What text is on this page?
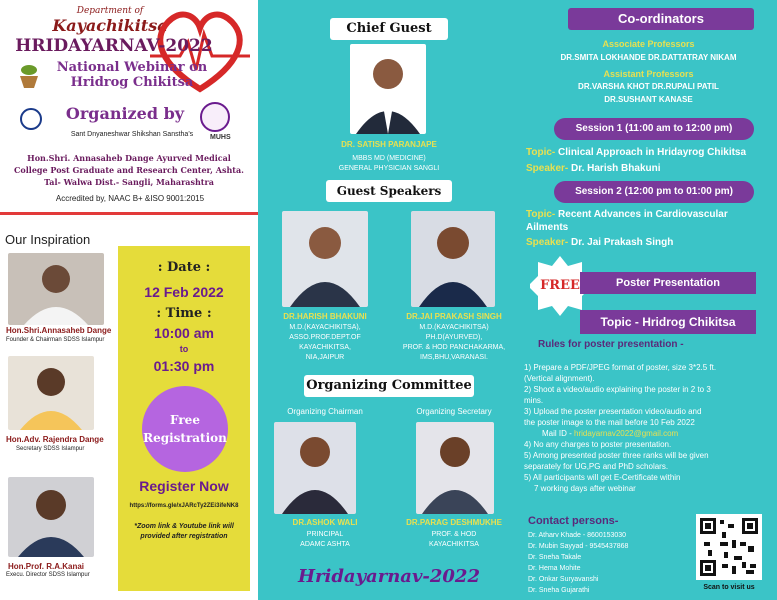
Department of
Kayachikitsa
HRIDAYARNAV-2022
National Webinar on
Hridrog Chikitsa
Organized by
Sant Dnyaneshwar Shikshan Sanstha's	MUHS
Hon.Shri. Annasaheb Dange Ayurved Medical
College Post Graduate and Research Center, Ashta.
Tal- Walwa Dist.- Sangli, Maharashtra
Accredited by, NAAC B+ &ISO 9001:2015
Our Inspiration
Hon.Shri.Annasaheb Dange
Founder & Chairman SDSS Islampur
Hon.Adv. Rajendra Dange
Secretary SDSS Islampur
Hon.Prof. R.A.Kanai
Execu. Director SDSS Islampur
: Date :
12 Feb 2022
: Time :
10:00 am
to
01:30 pm
Free
Registration
Register Now
https://forms.gle/xJARcTy2ZEi3ifeNK8
*Zoom link & Youtube link will provided after registration
Chief Guest
DR. SATISH PARANJAPE
MBBS MD (MEDICINE)
GENERAL PHYSICIAN SANGLI
Guest Speakers
DR.HARISH BHAKUNI
M.D.(KAYACHIKITSA),
ASSO.PROF.DEPT.OF
KAYACHIKITSA,
NIA,JAIPUR
DR.JAI PRAKASH SINGH
M.D.(KAYACHIKITSA)
PH.D(AYURVED),
PROF. & HOD PANCHAKARMA,
IMS,BHU,VARANASI.
Organizing Committee
Organizing Chairman	Organizing Secretary
DR.ASHOK WALI
PRINCIPAL
ADAMC ASHTA
DR.PARAG DESHMUKHE
PROF. & HOD
KAYACHIKITSA
Hridayarnav-2022
Co-ordinators
Associate Professors
DR.SMITA LOKHANDE DR.DATTATRAY NIKAM
Assistant Professors
DR.VARSHA KHOT DR.RUPALI PATIL
DR.SUSHANT KANASE
Session 1 (11:00 am to 12:00 pm)
Topic- Clinical Approach in Hridayrog Chikitsa
Speaker- Dr. Harish Bhakuni
Session 2 (12:00 pm to 01:00 pm)
Topic- Recent Advances in Cardiovascular Ailments
Speaker- Dr. Jai Prakash Singh
FREE	Poster Presentation
Topic - Hridrog Chikitsa
Rules for poster presentation -
1) Prepare a PDF/JPEG format of poster, size 3*2.5 ft.
(Vertical alignment).
2) Shoot a video/audio explaining the poster in 2 to 3
mins.
3) Upload the poster presentation video/audio and
the poster image to the mail before 10 Feb 2022
Mail ID - hridayarnav2022@gmail.com
4) No any charges to poster presentation.
5) Among presented poster three ranks will be given
separately for UG,PG and PhD scholars.
5) All participants will get E-Certificate within
7 working days after webinar
Contact persons-
Dr. Atharv Khade - 8600153030
Dr. Mubin Sayyad - 9545437868
Dr. Sneha Takale
Dr. Hema Mohite
Dr. Onkar Suryavanshi
Dr. Sneha Gujarathi	Scan to visit us
